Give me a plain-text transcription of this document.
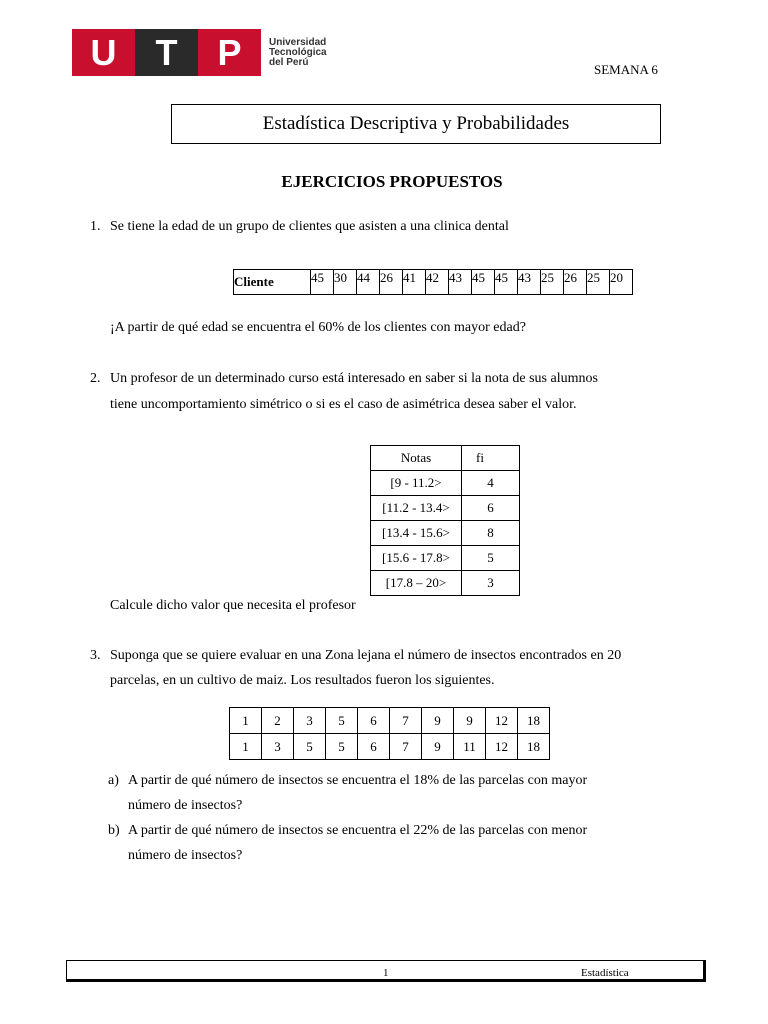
U	T	P	Universidad
Tecnológica
del Perú	SEMANA 6
Estadística Descriptiva y Probabilidades
EJERCICIOS PROPUESTOS
1. Se tiene la edad de un grupo de clientes que asisten a una clinica dental
Cliente	45	30	44	26	41	42	43	45	45	43	25	26	25	20
¡A partir de qué edad se encuentra el 60% de los clientes con mayor edad?
2. Un profesor de un determinado curso está interesado en saber si la nota de sus alumnos
tiene uncomportamiento simétrico o si es el caso de asimétrica desea saber el valor.
Notas	fi
[9 - 11.2>	4
[11.2 - 13.4>	6
[13.4 - 15.6>	8
[15.6 - 17.8>	5
[17.8 – 20>	3
Calcule dicho valor que necesita el profesor
3. Suponga que se quiere evaluar en una Zona lejana el número de insectos encontrados en 20
parcelas, en un cultivo de maiz. Los resultados fueron los siguientes.
1	2	3	5	6	7	9	9	12	18
1	3	5	5	6	7	9	11	12	18
a) A partir de qué número de insectos se encuentra el 18% de las parcelas con mayor
número de insectos?
b) A partir de qué número de insectos se encuentra el 22% de las parcelas con menor
número de insectos?
1	Estadística
